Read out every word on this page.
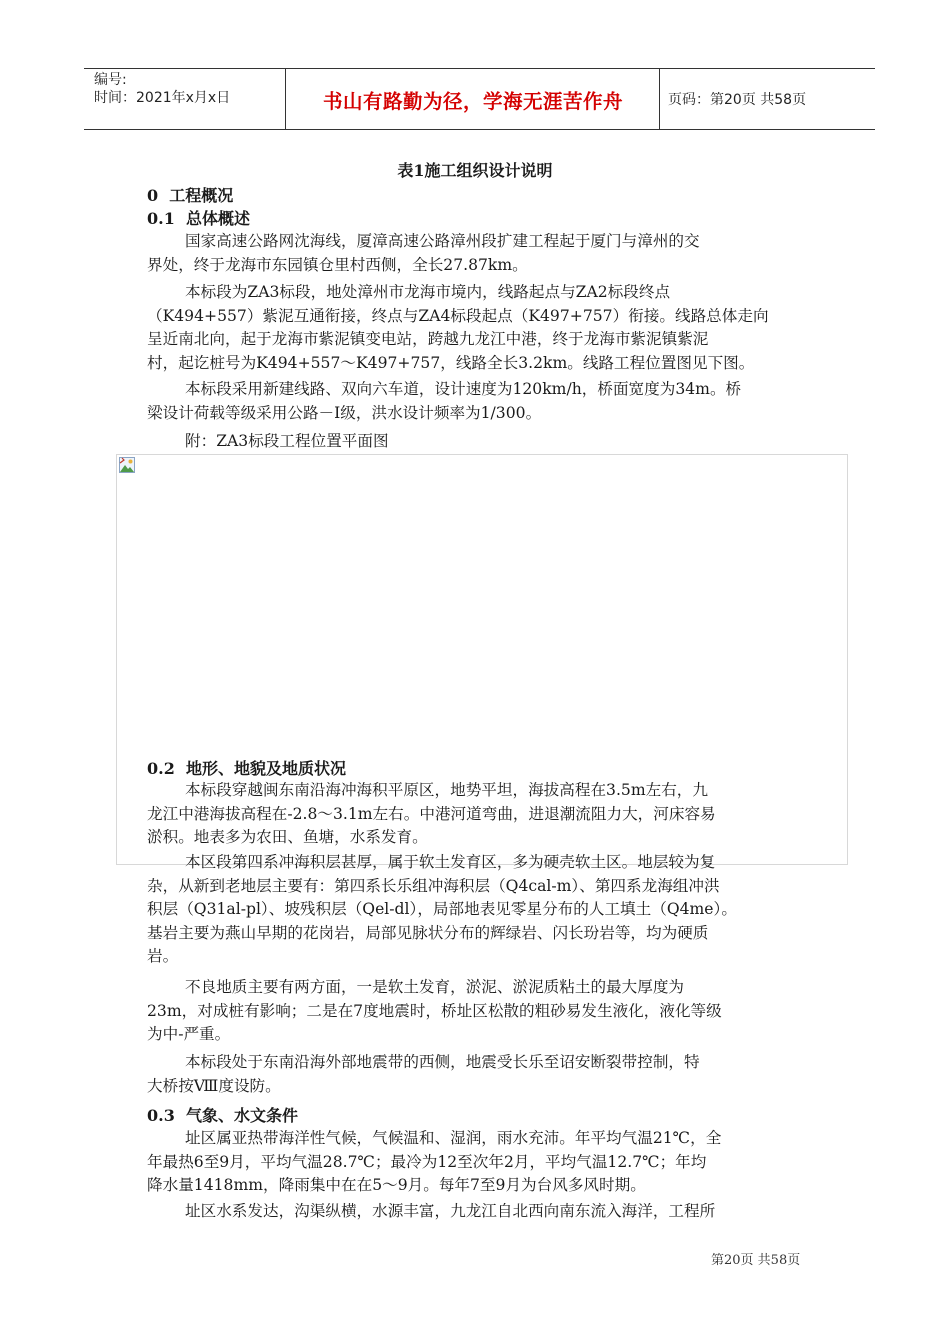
编号:
时间：2021年x月x日	书山有路勤为径，学海无涯苦作舟	页码：第20页 共58页
表1施工组织设计说明
0  工程概况
0.1  总体概述
国家高速公路网沈海线，厦漳高速公路漳州段扩建工程起于厦门与漳州的交
界处，终于龙海市东园镇仓里村西侧，全长27.87km。
本标段为ZA3标段，地处漳州市龙海市境内，线路起点与ZA2标段终点
（K494+557）紫泥互通衔接，终点与ZA4标段起点（K497+757）衔接。线路总体走向
呈近南北向，起于龙海市紫泥镇变电站，跨越九龙江中港，终于龙海市紫泥镇紫泥
村，起讫桩号为K494+557～K497+757，线路全长3.2km。线路工程位置图见下图。
本标段采用新建线路、双向六车道，设计速度为120km/h，桥面宽度为34m。桥
梁设计荷载等级采用公路－Ⅰ级，洪水设计频率为1/300。
附：ZA3标段工程位置平面图
0.2  地形、地貌及地质状况
本标段穿越闽东南沿海冲海积平原区，地势平坦，海拔高程在3.5m左右，九
龙江中港海拔高程在-2.8～3.1m左右。中港河道弯曲，进退潮流阻力大，河床容易
淤积。地表多为农田、鱼塘，水系发育。
本区段第四系冲海积层甚厚，属于软土发育区，多为硬壳软土区。地层较为复
杂，从新到老地层主要有：第四系长乐组冲海积层（Q4cal-m）、第四系龙海组冲洪
积层（Q31al-pl）、坡残积层（Qel-dl），局部地表见零星分布的人工填土（Q4me）。
基岩主要为燕山早期的花岗岩，局部见脉状分布的辉绿岩、闪长玢岩等，均为硬质
岩。
不良地质主要有两方面，一是软土发育，淤泥、淤泥质粘土的最大厚度为
23m，对成桩有影响；二是在7度地震时，桥址区松散的粗砂易发生液化，液化等级
为中-严重。
本标段处于东南沿海外部地震带的西侧，地震受长乐至诏安断裂带控制，特
大桥按Ⅷ度设防。
0.3  气象、水文条件
址区属亚热带海洋性气候，气候温和、湿润，雨水充沛。年平均气温21℃，全
年最热6至9月，平均气温28.7℃；最冷为12至次年2月，平均气温12.7℃；年均
降水量1418mm，降雨集中在在5～9月。每年7至9月为台风多风时期。
址区水系发达，沟渠纵横，水源丰富，九龙江自北西向南东流入海洋，工程所
第20页 共58页
